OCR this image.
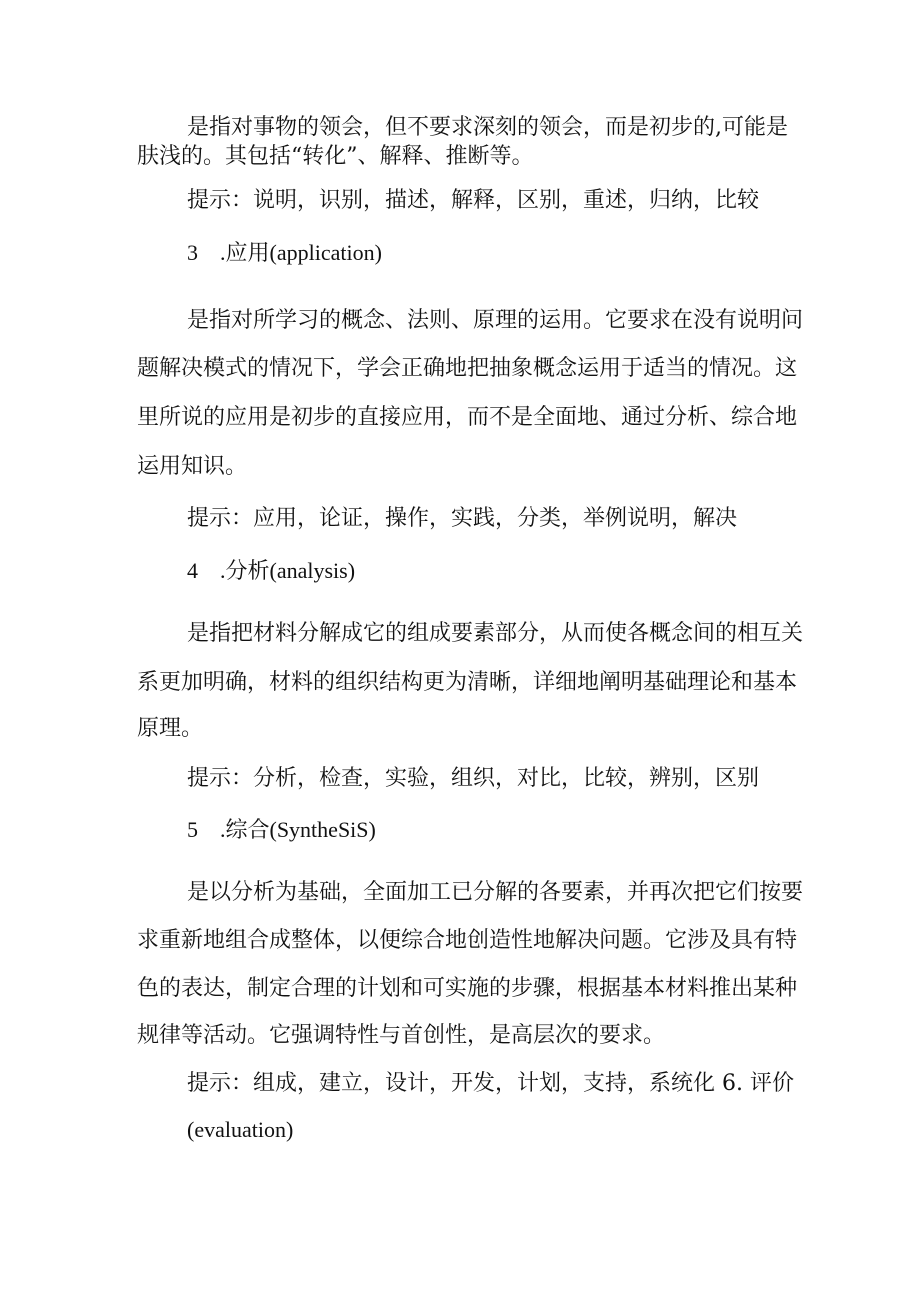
是指对事物的领会，但不要求深刻的领会，而是初步的,可能是
肤浅的。其包括“转化”、解释、推断等。
提示：说明，识别，描述，解释，区别，重述，归纳，比较
3　.应用(application)
是指对所学习的概念、法则、原理的运用。它要求在没有说明问
题解决模式的情况下，学会正确地把抽象概念运用于适当的情况。这
里所说的应用是初步的直接应用，而不是全面地、通过分析、综合地
运用知识。
提示：应用，论证，操作，实践，分类，举例说明，解决
4　.分析(analysis)
是指把材料分解成它的组成要素部分，从而使各概念间的相互关
系更加明确，材料的组织结构更为清晰，详细地阐明基础理论和基本
原理。
提示：分析，检查，实验，组织，对比，比较，辨别，区别
5　.综合(SyntheSiS)
是以分析为基础，全面加工已分解的各要素，并再次把它们按要
求重新地组合成整体，以便综合地创造性地解决问题。它涉及具有特
色的表达，制定合理的计划和可实施的步骤，根据基本材料推出某种
规律等活动。它强调特性与首创性，是高层次的要求。
提示：组成，建立，设计，开发，计划，支持，系统化 6. 评价
(evaluation)
